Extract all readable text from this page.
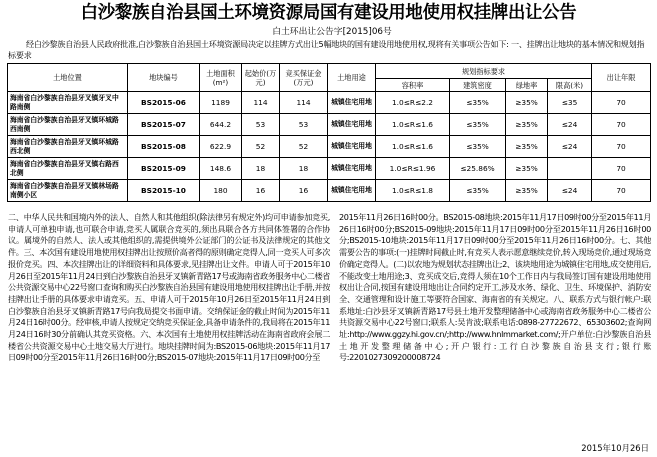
白沙黎族自治县国土环境资源局国有建设用地使用权挂牌出让公告
白土环出让公告字[2015]06号
经白沙黎族自治县人民政府批准,白沙黎族自治县国土环境资源局决定以挂牌方式出让5幅地块的国有建设用地使用权,现将有关事项公告如下: 一、挂牌出让地块的基本情况和规划指标要求
土地位置	地块编号	土地面积(m²)	起始价(万元)	竞买保证金(万元)	土地用途	规划指标要求				出让年限
						容积率	建筑密度	绿地率	限高(米)	
海南省白沙黎族自治县牙叉镇牙叉中路南侧	BS2015-06	1189	114	114	城镇住宅用地	1.0≤R≤2.2	≤35%	≥35%	≤35	70
海南省白沙黎族自治县牙叉镇环城路西南侧	BS2015-07	644.2	53	53	城镇住宅用地	1.0≤R≤1.6	≤35%	≥35%	≤24	70
海南省白沙黎族自治县牙叉镇环城路西北侧	BS2015-08	622.9	52	52	城镇住宅用地	1.0≤R≤1.6	≤35%	≥35%	≤24	70
海南省白沙黎族自治县牙叉镇右路西北侧	BS2015-09	148.6	18	18	城镇住宅用地	1.0≤R≤1.96	≤25.86%	≥35%		70
海南省白沙黎族自治县牙叉镇林场路南侧小区	BS2015-10	180	16	16	城镇住宅用地	1.0≤R≤1.8	≤35%	≥35%	≤24	70
二、中华人民共和国境内外的法人、自然人和其他组织(除法律另有规定外)均可申请参加竞买,申请人可单独申请,也可联合申请,竞买人属联合竞买的,须出具联合各方共同体签署的合作协议。属境外的自然人、法人或其他组织的,需提供境外公证部门的公证书及法律规定的其他文件。三、本次国有建设用地使用权挂牌出让按照价高者得的原则确定竞得人,同一竞买人可多次报价竞买。四、本次挂牌出让的详细资料和具体要求,见挂牌出让文件。申请人可于2015年10月26日至2015年11月24日到白沙黎族自治县牙叉镇新青路17号或海南省政务服务中心二楼省公共资源交易中心22号窗口查询和购买白沙黎族自治县国有建设用地使用权挂牌出让手册,并按挂牌出让手册的具体要求申请竞买。五、申请人可于2015年10月26日至2015年11月24日到白沙黎族自治县牙叉镇新青路17号向我局提交书面申请。交纳保证金的截止时间为2015年11月24日16时00分。经审核,申请人按规定交纳竞买保证金,具备申请条件的,我局将在2015年11月24日16时30分前确认其竞买资格。六、本次国有土地使用权挂牌活动在海南省政府会展二楼省公共资源交易中心土地交易大厅进行。地块挂牌时间为:BS2015-06地块:2015年11月17日09时00分至2015年11月26日16时00分;BS2015-07地块:2015年11月17日09时00分至
2015年11月26日16时00分。BS2015-08地块:2015年11月17日09时00分至2015年11月26日16时00分;BS2015-09地块:2015年11月17日09时00分至2015年11月26日16时00分;BS2015-10地块:2015年11月17日09时00分至2015年11月26日16时00分。七、其他需要公告的事项:(一)挂牌时间截止时,有竞买人表示愿意继续竞价,转入现场竞价,通过现场竞价确定竞得人。(二)以农地为规划状态挂牌出让;2、该块地用途为城镇住宅用地,成交使用后,不能改变土地用途;3、竞买成交后,竞得人须在10个工作日内与我局签订国有建设用地使用权出让合同,按国有建设用地出让合同约定开工,涉及水务、绿化、卫生、环境保护、消防安全、交通管理和设计施工等要符合国家、海南省的有关规定。八、联系方式与银行帐户:联系地址:白沙县牙叉镇新青路17号县土地开发整理储备中心或海南省政务服务中心二楼省公共资源交易中心22号窗口;联系人:吴肯波;联系电话:0898-27722672、65303602;查询网址:http://www.ggzy.hi.gov.cn/;http://www.hnlmmarket.com/;开户单位:白沙黎族自治县土地开发整理储备中心;开户银行:工行白沙黎族自治县支行;银行账号:2201027309200008724
2015年10月26日
